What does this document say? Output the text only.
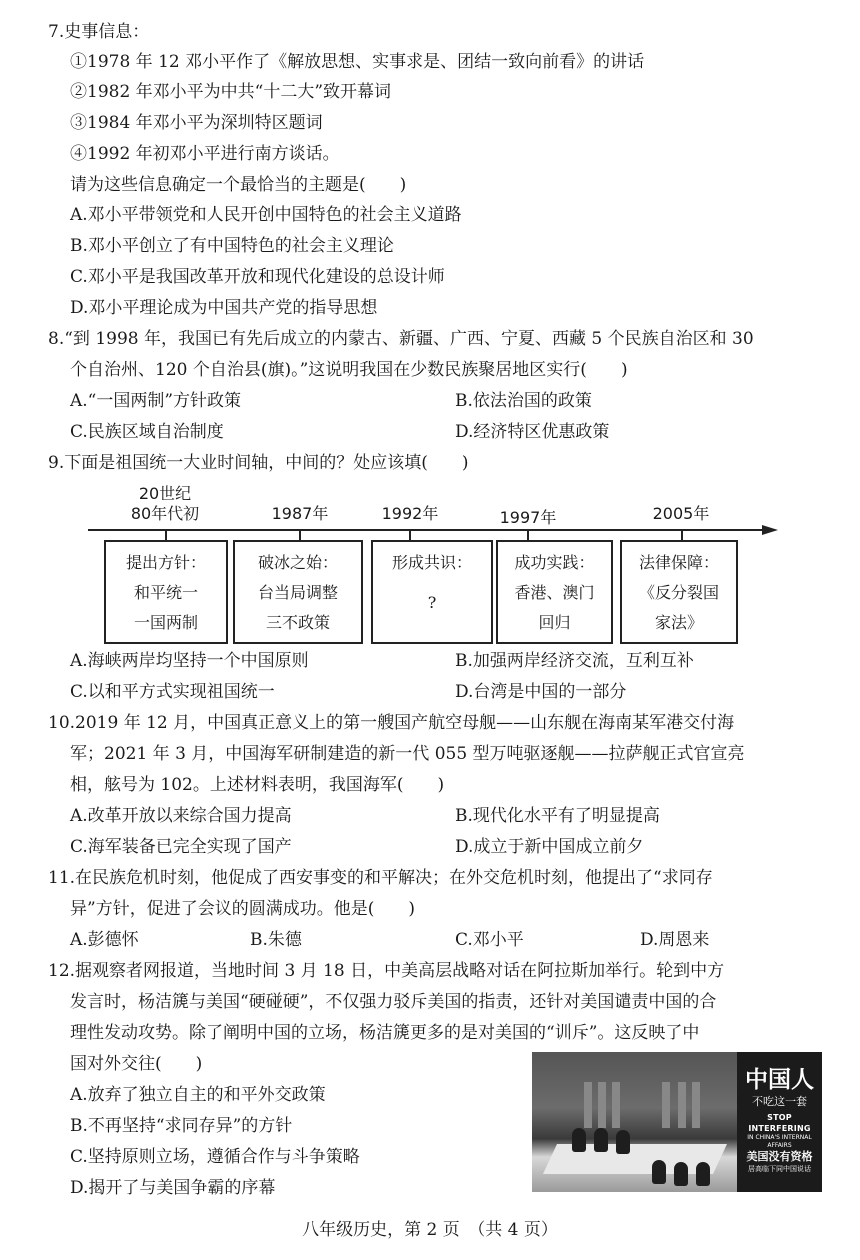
7.史事信息：
①1978 年 12 邓小平作了《解放思想、实事求是、团结一致向前看》的讲话
②1982 年邓小平为中共“十二大”致开幕词
③1984 年邓小平为深圳特区题词
④1992 年初邓小平进行南方谈话。
请为这些信息确定一个最恰当的主题是(　　)
A.邓小平带领党和人民开创中国特色的社会主义道路
B.邓小平创立了有中国特色的社会主义理论
C.邓小平是我国改革开放和现代化建设的总设计师
D.邓小平理论成为中国共产党的指导思想
8.“到 1998 年，我国已有先后成立的内蒙古、新疆、广西、宁夏、西藏 5 个民族自治区和 30
个自治州、120 个自治县(旗)。”这说明我国在少数民族聚居地区实行(　　)
A.“一国两制”方针政策	B.依法治国的政策
C.民族区域自治制度	D.经济特区优惠政策
9.下面是祖国统一大业时间轴，中间的？处应该填(　　)
20世纪
80年代初	1987年	1992年	1997年	2005年
提出方针：
和平统一
一国两制
破冰之始：
台当局调整
三不政策
形成共识：
?
成功实践：
香港、澳门
回归
法律保障：
《反分裂国
家法》
A.海峡两岸均坚持一个中国原则	B.加强两岸经济交流，互利互补
C.以和平方式实现祖国统一	D.台湾是中国的一部分
10.2019 年 12 月，中国真正意义上的第一艘国产航空母舰——山东舰在海南某军港交付海
军；2021 年 3 月，中国海军研制建造的新一代 055 型万吨驱逐舰——拉萨舰正式官宣亮
相，舷号为 102。上述材料表明，我国海军(　　)
A.改革开放以来综合国力提高	B.现代化水平有了明显提高
C.海军装备已完全实现了国产	D.成立于新中国成立前夕
11.在民族危机时刻，他促成了西安事变的和平解决；在外交危机时刻，他提出了“求同存
异”方针，促进了会议的圆满成功。他是(　　)
A.彭德怀	B.朱德	C.邓小平	D.周恩来
12.据观察者网报道，当地时间 3 月 18 日，中美高层战略对话在阿拉斯加举行。轮到中方
发言时，杨洁篪与美国“硬碰硬”，不仅强力驳斥美国的指责，还针对美国谴责中国的合
理性发动攻势。除了阐明中国的立场，杨洁篪更多的是对美国的“训斥”。这反映了中
国对外交往(　　)
A.放弃了独立自主的和平外交政策
B.不再坚持“求同存异”的方针
C.坚持原则立场，遵循合作与斗争策略
D.揭开了与美国争霸的序幕
中国人
不吃这一套
STOP INTERFERING
IN CHINA'S INTERNAL AFFAIRS
美国没有资格
居高临下同中国说话
八年级历史，第 2 页　（共 4 页）
